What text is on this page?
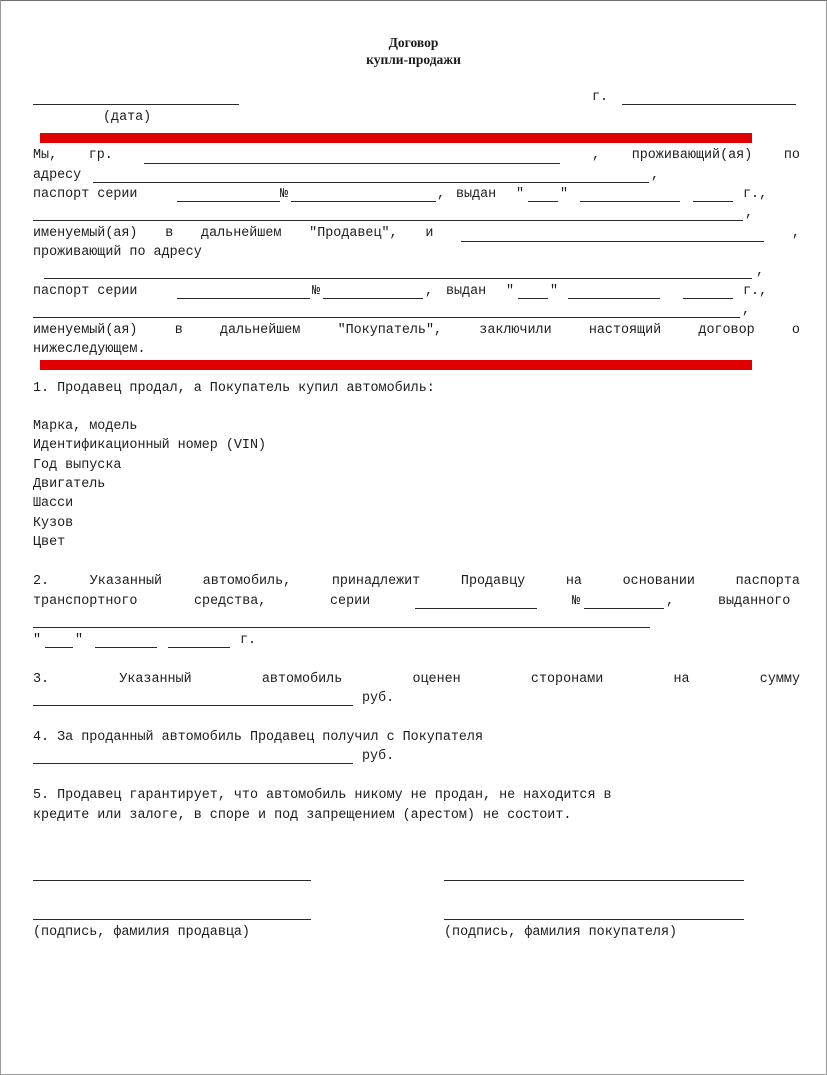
Договор
купли-продажи
(дата)
г.
Мы, гр.	, проживающий(ая) по
адресу	,
паспорт серии	№	, выдан "	"	г.,
,
именуемый(ая) в дальнейшем "Продавец", и	,
проживающий по адресу
,
паспорт серии	№	, выдан "	"	г.,
,
именуемый(ая)	в	дальнейшем	"Покупатель",	заключили	настоящий	договор	о
нижеследующем.
1. Продавец продал, а Покупатель купил автомобиль:
Марка, модель
Идентификационный номер (VIN)
Год выпуска
Двигатель
Шасси
Кузов
Цвет
2.	Указанный	автомобиль,	принадлежит	Продавцу	на	основании	паспорта
транспортного	средства,	серии	№	,	выданного
"	"	г.
3.	Указанный	автомобиль	оценен	сторонами	на	сумму
руб.
4. За проданный автомобиль Продавец получил с Покупателя
руб.
5. Продавец гарантирует, что автомобиль никому не продан, не находится в
кредите или залоге, в споре и под запрещением (арестом) не состоит.
(подпись, фамилия продавца)	(подпись, фамилия покупателя)
